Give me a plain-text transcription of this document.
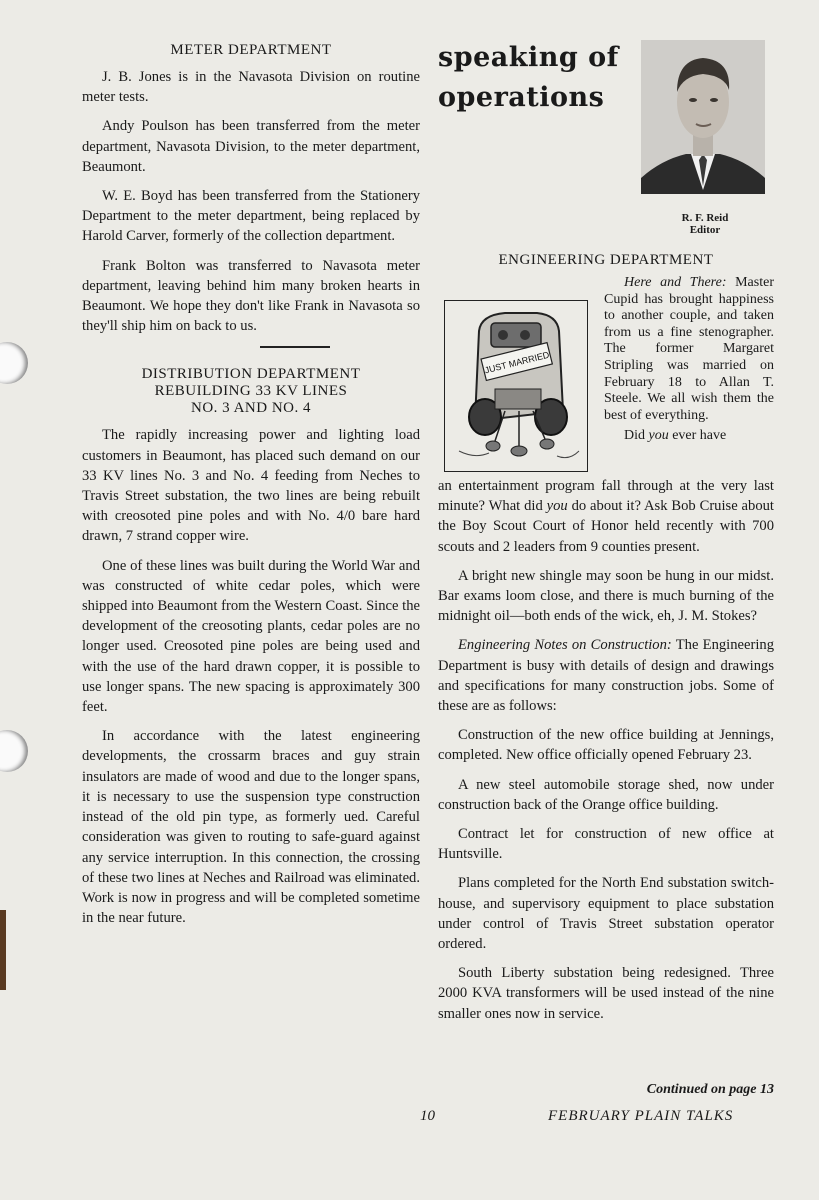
METER DEPARTMENT

J. B. Jones is in the Navasota Division on routine meter tests.

Andy Poulson has been transferred from the meter department, Navasota Division, to the meter department, Beaumont.

W. E. Boyd has been transferred from the Stationery Department to the meter department, being replaced by Harold Carver, formerly of the collection department.

Frank Bolton was transferred to Navasota meter department, leaving behind him many broken hearts in Beaumont. We hope they don't like Frank in Navasota so they'll ship him on back to us.

DISTRIBUTION DEPARTMENT
REBUILDING 33 KV LINES
NO. 3 AND NO. 4

The rapidly increasing power and lighting load customers in Beaumont, has placed such demand on our 33 KV lines No. 3 and No. 4 feeding from Neches to Travis Street substation, the two lines are being rebuilt with creosoted pine poles and with No. 4/0 bare hard drawn, 7 strand copper wire.

One of these lines was built during the World War and was constructed of white cedar poles, which were shipped into Beaumont from the Western Coast. Since the development of the creosoting plants, cedar poles are no longer used. Creosoted pine poles are being used and with the use of the hard drawn copper, it is possible to use longer spans. The new spacing is approximately 300 feet.

In accordance with the latest engineering developments, the crossarm braces and guy strain insulators are made of wood and due to the longer spans, it is necessary to use the suspension type construction instead of the old pin type, as formerly ued. Careful consideration was given to routing to safe-guard against any service interruption. In this connection, the crossing of these two lines at Neches and Railroad was eliminated. Work is now in progress and will be completed sometime in the near future.

speaking of
operations
R. F. Reid
Editor
ENGINEERING DEPARTMENT
JUST MARRIED

Here and There: Master Cupid has brought happiness to another couple, and taken from us a fine stenographer. The former Margaret Stripling was married on February 18 to Allan T. Steele. We all wish them the best of everything.

Did you ever have

an entertainment program fall through at the very last minute? What did you do about it? Ask Bob Cruise about the Boy Scout Court of Honor held recently with 700 scouts and 2 leaders from 9 counties present.

A bright new shingle may soon be hung in our midst. Bar exams loom close, and there is much burning of the midnight oil—both ends of the wick, eh, J. M. Stokes?

Engineering Notes on Construction: The Engineering Department is busy with details of design and drawings and specifications for many construction jobs. Some of these are as follows:

Construction of the new office building at Jennings, completed. New office officially opened February 23.

A new steel automobile storage shed, now under construction back of the Orange office building.

Contract let for construction of new office at Huntsville.

Plans completed for the North End substation switch-house, and supervisory equipment to place substation under control of Travis Street substation operator ordered.

South Liberty substation being redesigned. Three 2000 KVA transformers will be used instead of the nine smaller ones now in service.

Continued on page 13
10	FEBRUARY PLAIN TALKS
